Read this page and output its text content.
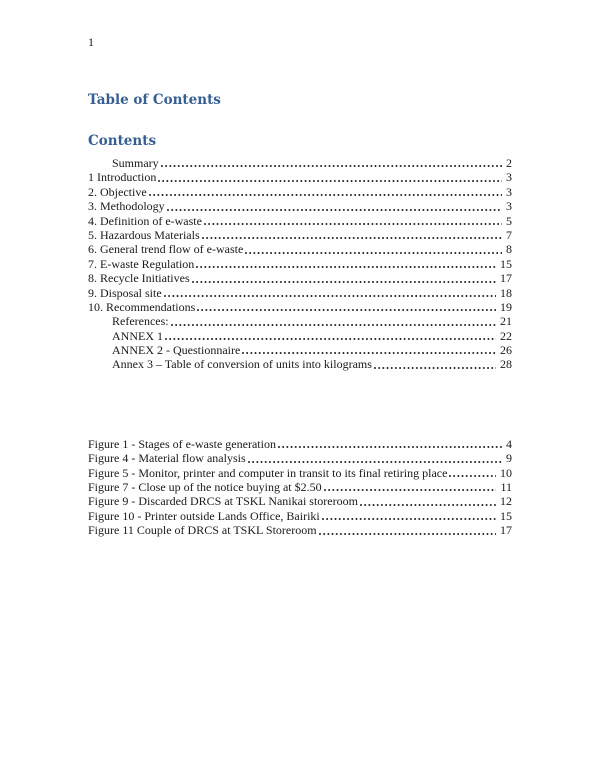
1
Table of Contents
Contents
Summary	2
1 Introduction	3
2. Objective	3
3. Methodology	3
4. Definition of e-waste	5
5. Hazardous Materials	7
6. General trend flow of e-waste	8
7. E-waste Regulation	15
8. Recycle Initiatives	17
9. Disposal site	18
10. Recommendations	19
References:	21
ANNEX 1	22
ANNEX 2 - Questionnaire	26
Annex 3 – Table of conversion of units into kilograms	28
Figure 1 - Stages of e-waste generation	4
Figure 4 - Material flow analysis	9
Figure 5 - Monitor, printer and computer in transit to its final retiring place	10
Figure 7 - Close up of the notice buying at $2.50	11
Figure 9 - Discarded DRCS at TSKL Nanikai storeroom	12
Figure 10 - Printer outside Lands Office, Bairiki	15
Figure 11 Couple of DRCS at TSKL Storeroom	17
